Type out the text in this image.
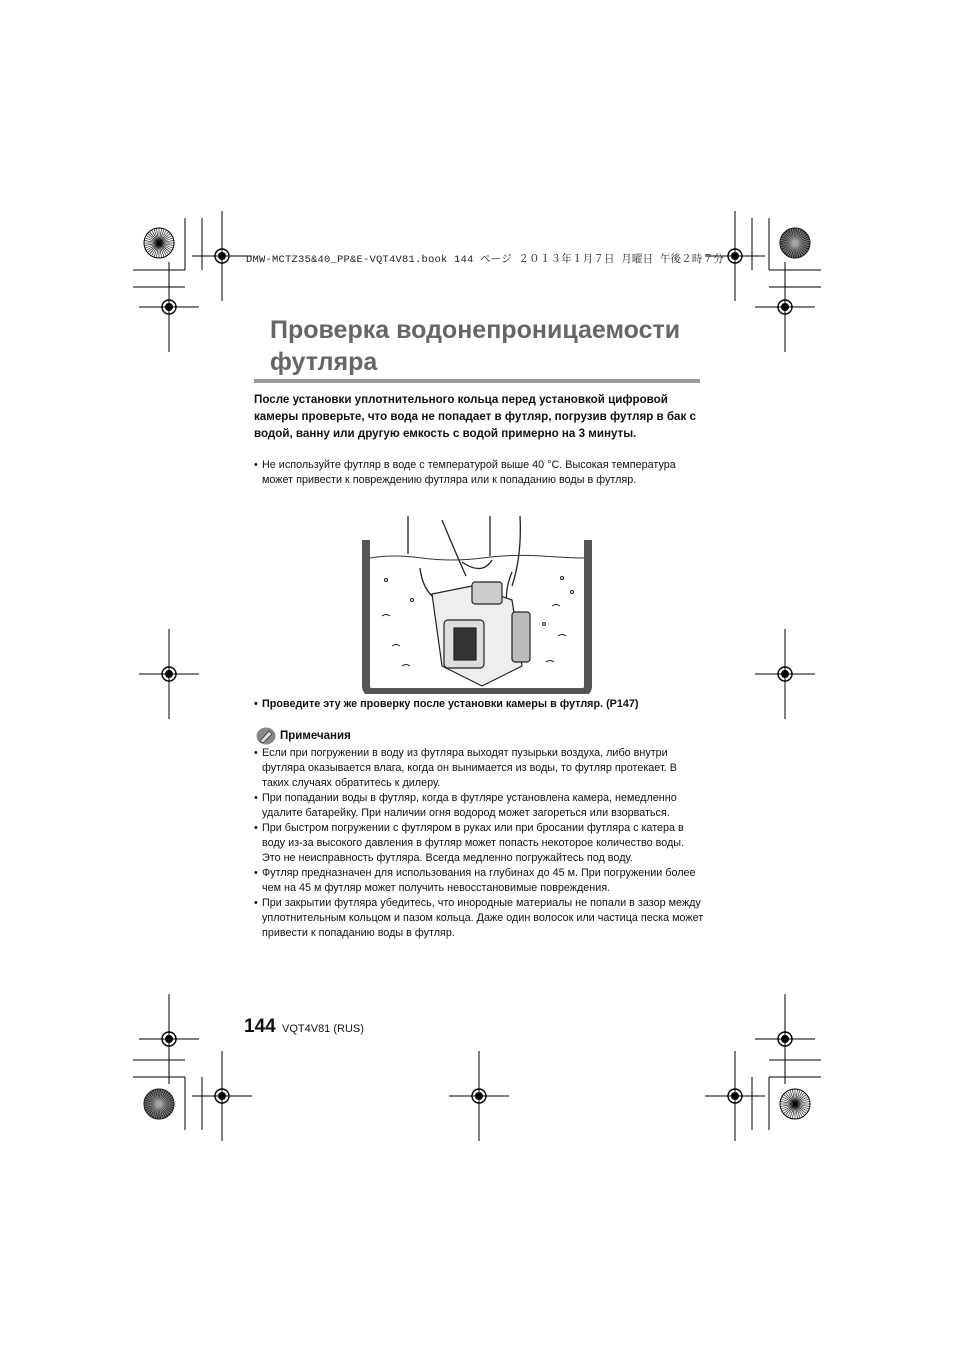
DMW-MCTZ35&40_PP&E-VQT4V81.book 144 ページ ２０１３年１月７日 月曜日 午後２時７分
Проверка водонепроницаемости футляра
После установки уплотнительного кольца перед установкой цифровой камеры проверьте, что вода не попадает в футляр, погрузив футляр в бак с водой, ванну или другую емкость с водой примерно на 3 минуты.
• Не используйте футляр в воде с температурой выше 40 °C. Высокая температура может привести к повреждению футляра или к попаданию воды в футляр.
• Проведите эту же проверку после установки камеры в футляр. (P147)
Примечания
• Если при погружении в воду из футляра выходят пузырьки воздуха, либо внутри футляра оказывается влага, когда он вынимается из воды, то футляр протекает. В таких случаях обратитесь к дилеру.
• При попадании воды в футляр, когда в футляре установлена камера, немедленно удалите батарейку. При наличии огня водород может загореться или взорваться.
• При быстром погружении с футляром в руках или при бросании футляра с катера в воду из-за высокого давления в футляр может попасть некоторое количество воды. Это не неисправность футляра. Всегда медленно погружайтесь под воду.
• Футляр предназначен для использования на глубинах до 45 м. При погружении более чем на 45 м футляр может получить невосстановимые повреждения.
• При закрытии футляра убедитесь, что инородные материалы не попали в зазор между уплотнительным кольцом и пазом кольца. Даже один волосок или частица песка может привести к попаданию воды в футляр.
144 VQT4V81 (RUS)
